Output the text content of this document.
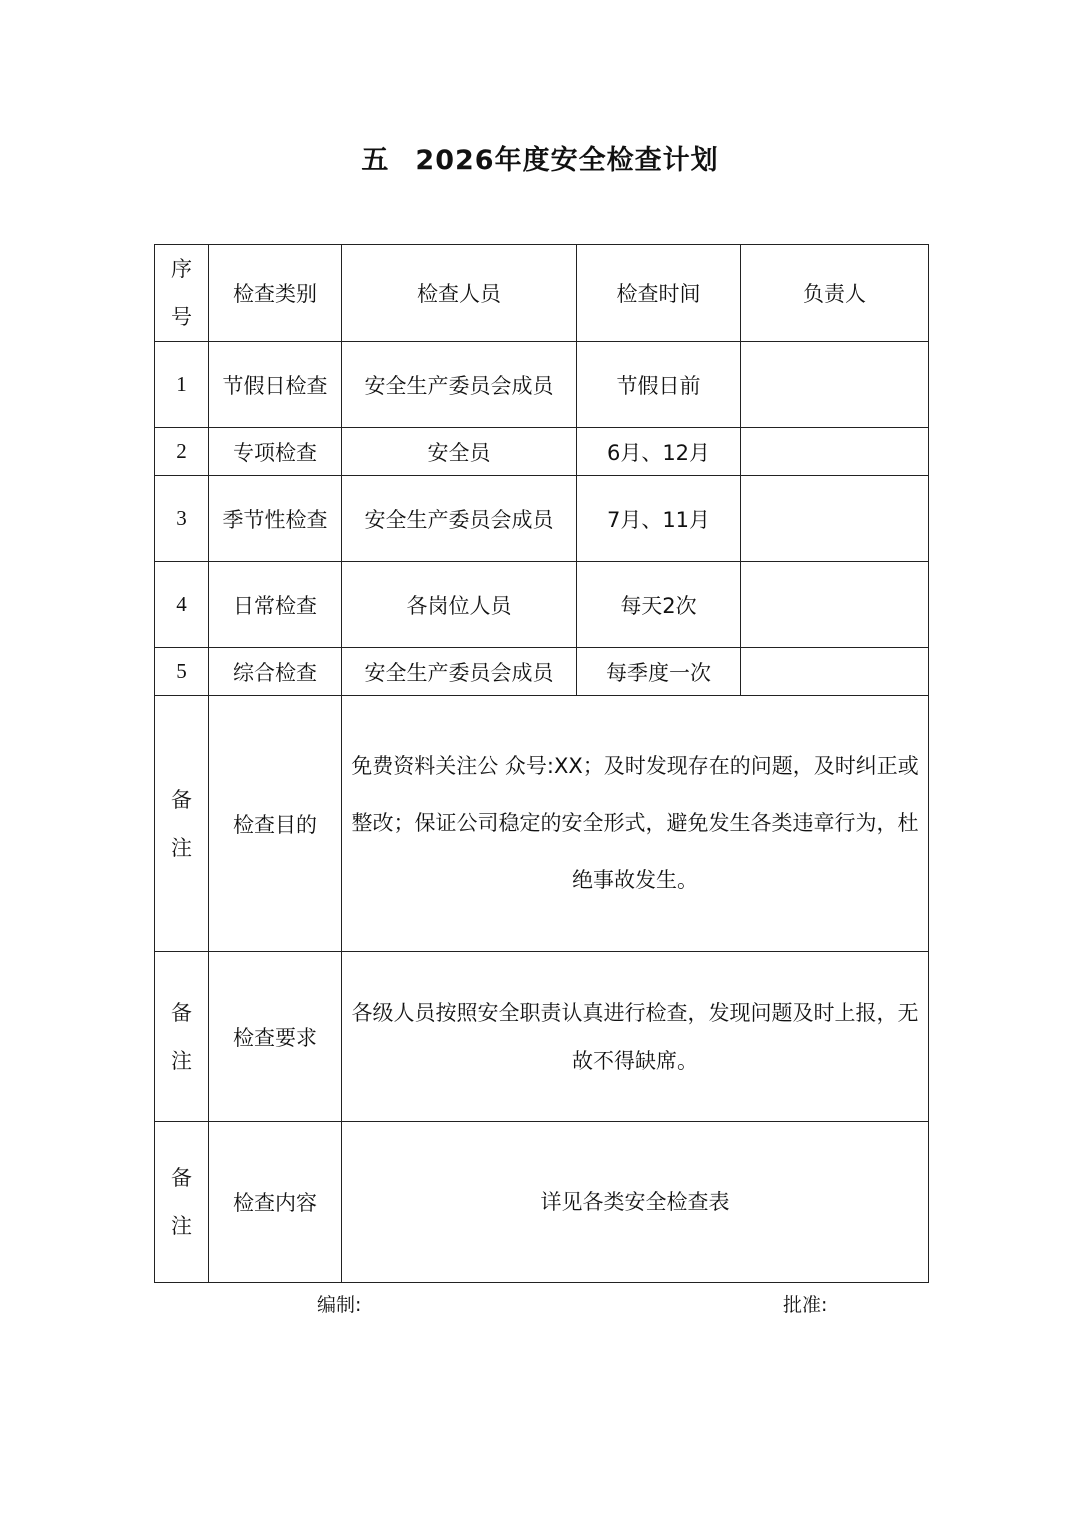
五 2026年度安全检查计划
序
号	检查类别	检查人员	检查时间	负责人
1	节假日检查	安全生产委员会成员	节假日前	
2	专项检查	安全员	6月、12月	
3	季节性检查	安全生产委员会成员	7月、11月	
4	日常检查	各岗位人员	每天2次	
5	综合检查	安全生产委员会成员	每季度一次	

备
注	检查目的	免费资料关注公 众号:XX；及时发现存在的问题，及时纠正或整改；保证公司稳定的安全形式，避免发生各类违章行为，杜绝事故发生。		

备
注	检查要求	各级人员按照安全职责认真进行检查，发现问题及时上报，无故不得缺席。		

备
注	检查内容	详见各类安全检查表		
编制:	批准:
